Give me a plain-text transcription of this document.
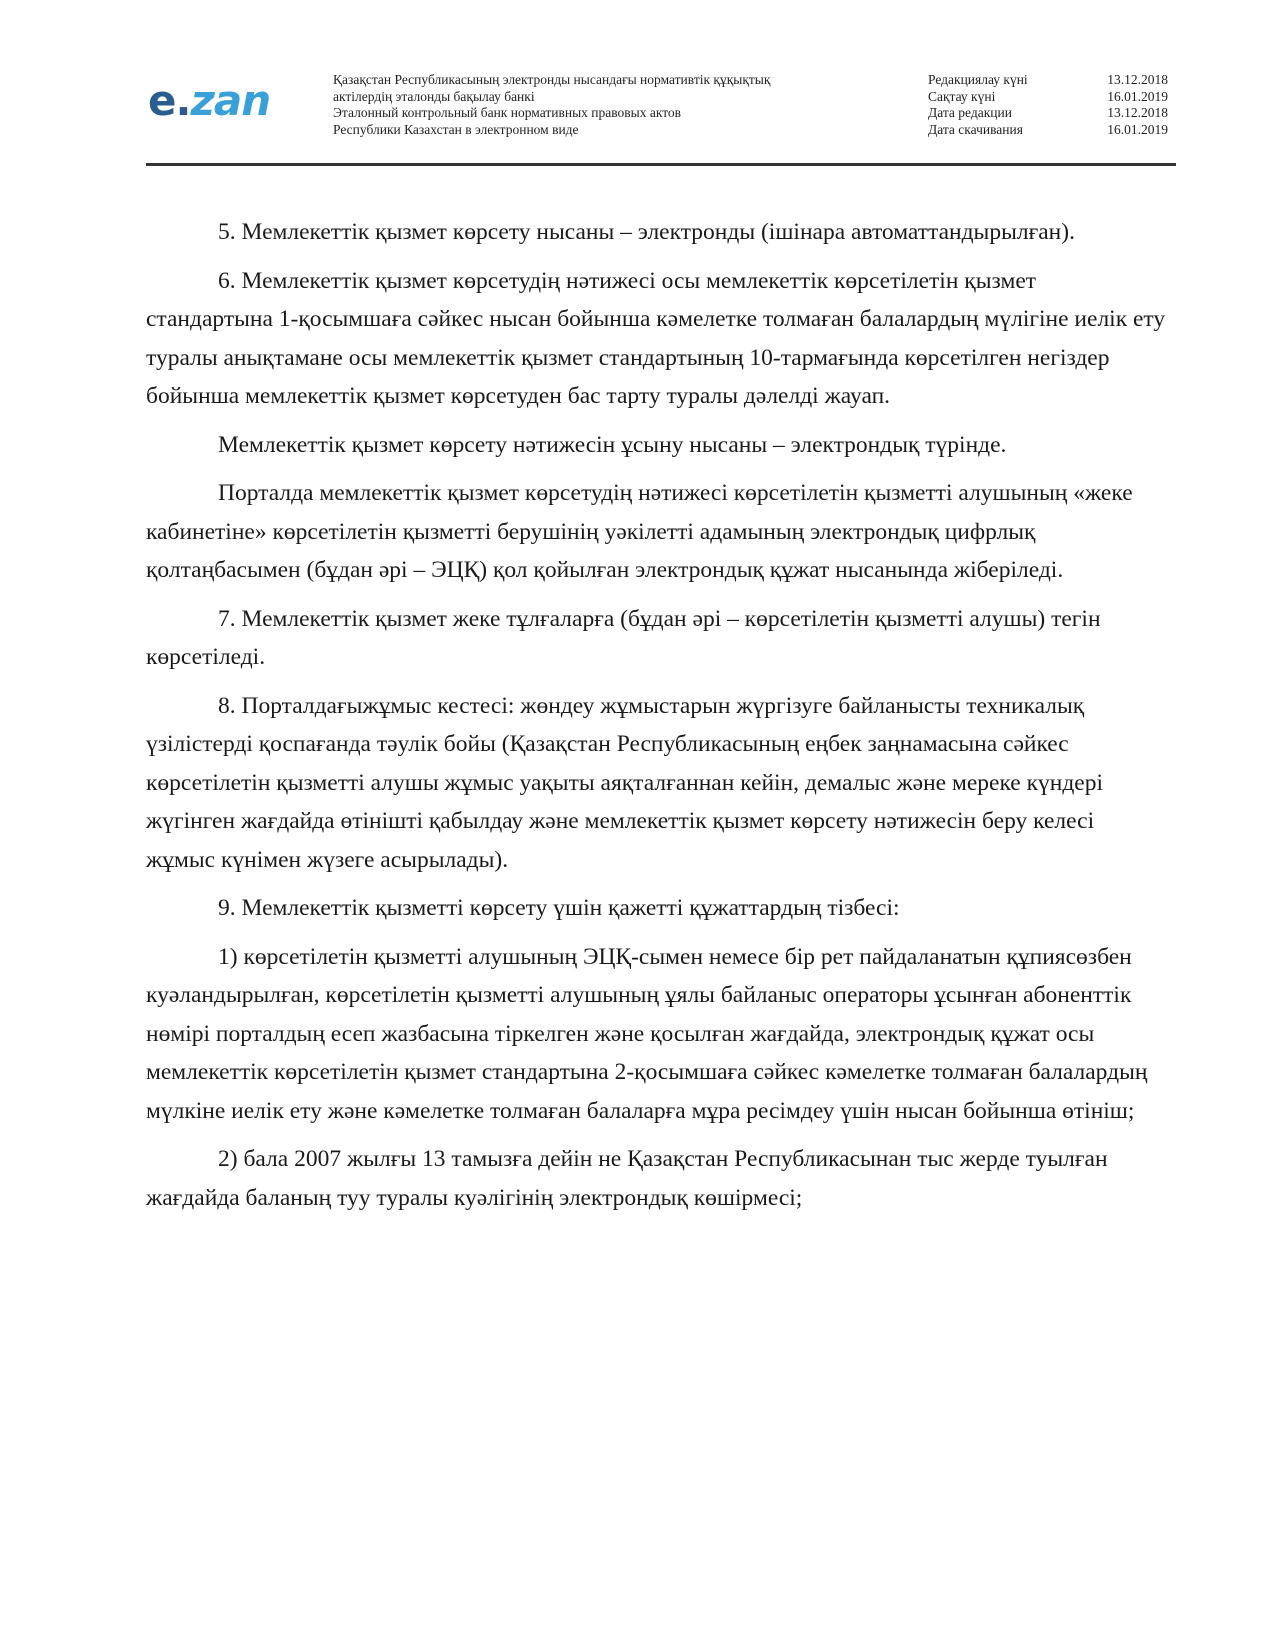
e.zan	Қазақстан Республикасының электронды нысандағы нормативтік құқықтық
актілердің эталонды бақылау банкі
Эталонный контрольный банк нормативных правовых актов
Республики Казахстан в электронном виде
Редакциялау күні	13.12.2018
Сақтау күні	16.01.2019
Дата редакции	13.12.2018
Дата скачивания	16.01.2019

5. Мемлекеттік қызмет көрсету нысаны – электронды (ішінара автоматтандырылған).

6. Мемлекеттік қызмет көрсетудің нәтижесі осы мемлекеттік көрсетілетін қызмет стандартына 1-қосымшаға сәйкес нысан бойынша кәмелетке толмаған балалардың мүлігіне иелік ету туралы анықтамане осы мемлекеттік қызмет стандартының 10-тармағында көрсетілген негіздер бойынша мемлекеттік қызмет көрсетуден бас тарту туралы дәлелді жауап.

Мемлекеттік қызмет көрсету нәтижесін ұсыну нысаны – электрондық түрінде.

Порталда мемлекеттік қызмет көрсетудің нәтижесі көрсетілетін қызметті алушының «жеке кабинетіне» көрсетілетін қызметті берушінің уәкілетті адамының электрондық цифрлық қолтаңбасымен (бұдан әрі – ЭЦҚ) қол қойылған электрондық құжат нысанында жіберіледі.

7. Мемлекеттік қызмет жеке тұлғаларға (бұдан әрі – көрсетілетін қызметті алушы) тегін көрсетіледі.

8. Порталдағыжұмыс кестесі: жөндеу жұмыстарын жүргізуге байланысты техникалық үзілістерді қоспағанда тәулік бойы (Қазақстан Республикасының еңбек заңнамасына сәйкес көрсетілетін қызметті алушы жұмыс уақыты аяқталғаннан кейін, демалыс және мереке күндері жүгінген жағдайда өтінішті қабылдау және мемлекеттік қызмет көрсету нәтижесін беру келесі жұмыс күнімен жүзеге асырылады).

9. Мемлекеттік қызметті көрсету үшін қажетті құжаттардың тізбесі:

1) көрсетілетін қызметті алушының ЭЦҚ-сымен немесе бір рет пайдаланатын құпиясөзбен куәландырылған, көрсетілетін қызметті алушының ұялы байланыс операторы ұсынған абоненттік нөмірі порталдың есеп жазбасына тіркелген және қосылған жағдайда, электрондық құжат осы мемлекеттік көрсетілетін қызмет стандартына 2-қосымшаға сәйкес кәмелетке толмаған балалардың мүлкіне иелік ету және кәмелетке толмаған балаларға мұра ресімдеу үшін нысан бойынша өтініш;

2) бала 2007 жылғы 13 тамызға дейін не Қазақстан Республикасынан тыс жерде туылған жағдайда баланың туу туралы куәлігінің электрондық көшірмесі;
